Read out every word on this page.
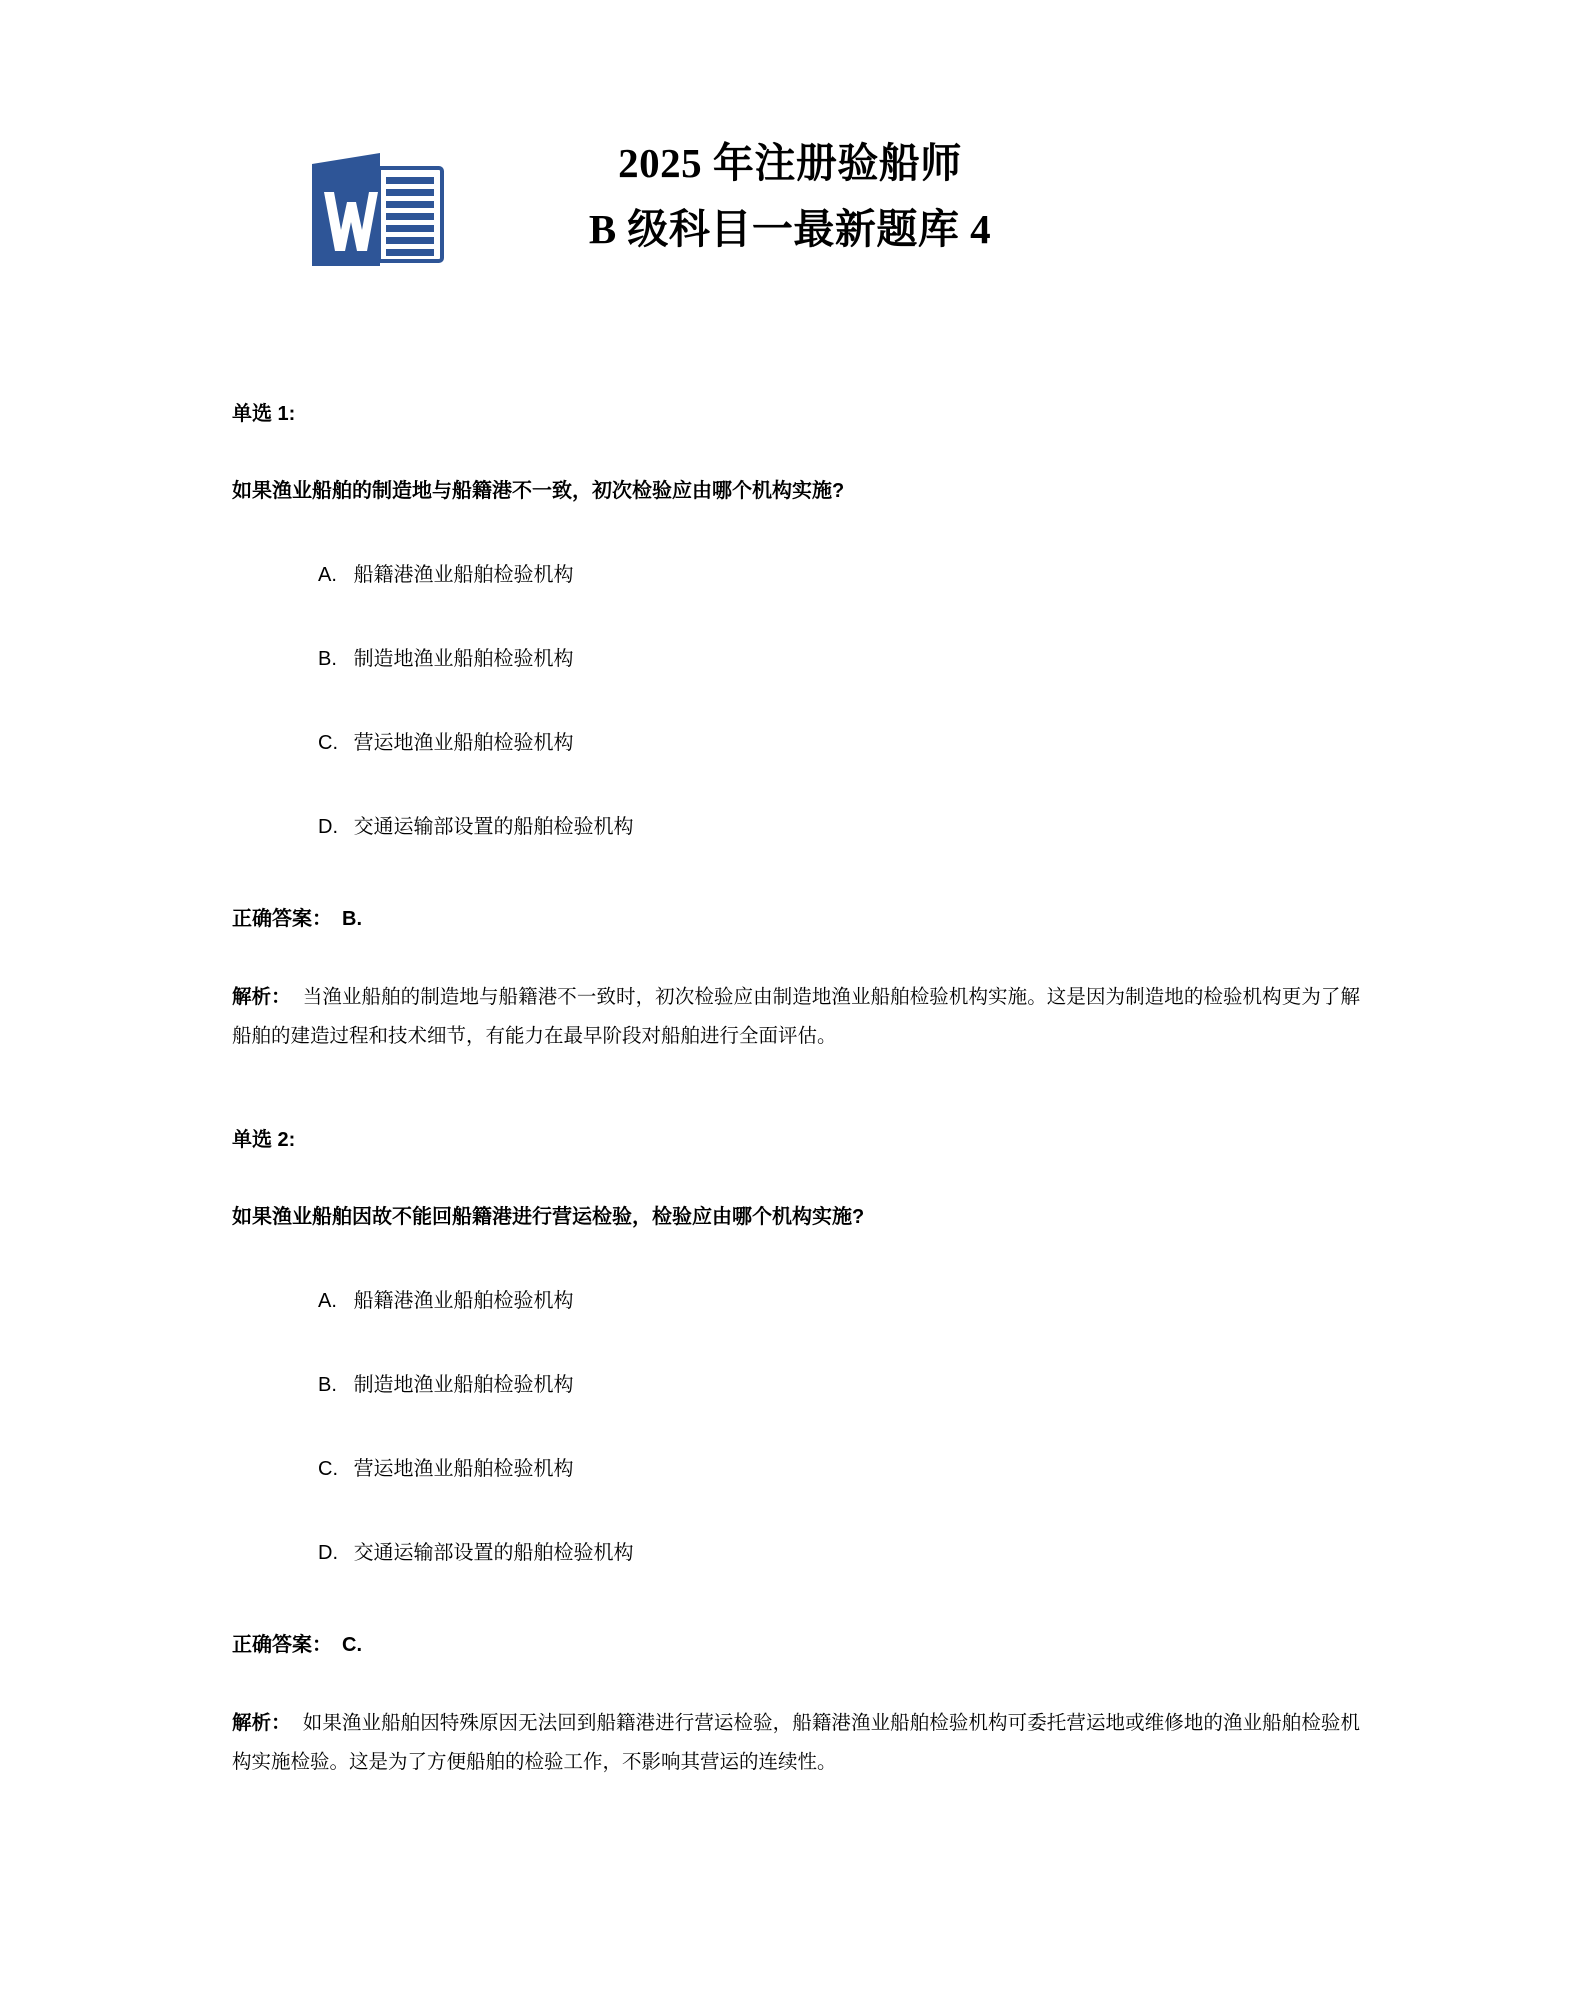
2025 年注册验船师
B 级科目一最新题库 4

单选 1:

如果渔业船舶的制造地与船籍港不一致，初次检验应由哪个机构实施?

A. 船籍港渔业船舶检验机构
B. 制造地渔业船舶检验机构
C. 营运地渔业船舶检验机构
D. 交通运输部设置的船舶检验机构

正确答案： B.

解析： 当渔业船舶的制造地与船籍港不一致时，初次检验应由制造地渔业船舶检验机构实施。这是因为制造地的检验机构更为了解船舶的建造过程和技术细节，有能力在最早阶段对船舶进行全面评估。

单选 2:

如果渔业船舶因故不能回船籍港进行营运检验，检验应由哪个机构实施?

A. 船籍港渔业船舶检验机构
B. 制造地渔业船舶检验机构
C. 营运地渔业船舶检验机构
D. 交通运输部设置的船舶检验机构

正确答案： C.

解析： 如果渔业船舶因特殊原因无法回到船籍港进行营运检验，船籍港渔业船舶检验机构可委托营运地或维修地的渔业船舶检验机构实施检验。这是为了方便船舶的检验工作，不影响其营运的连续性。
